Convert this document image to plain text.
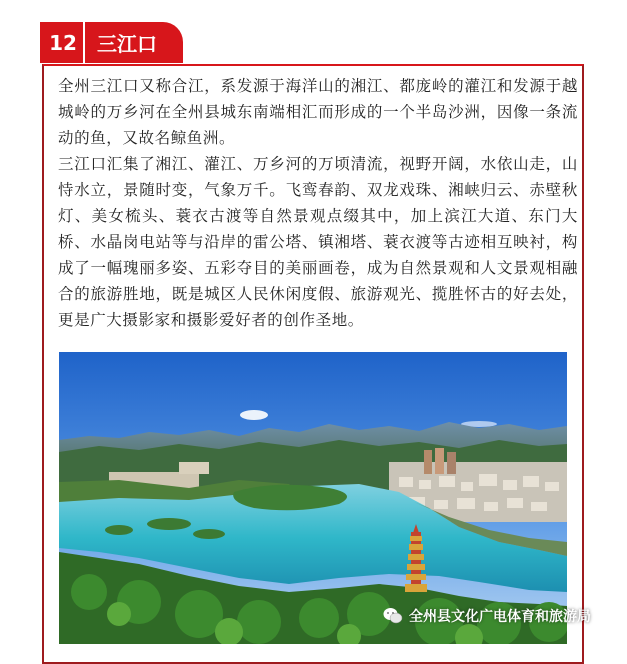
12	三江口

全州三江口又称合江，系发源于海洋山的湘江、都庞岭的灌江和发源于越城岭的万乡河在全州县城东南端相汇而形成的一个半岛沙洲，因像一条流动的鱼，又故名鲸鱼洲。

三江口汇集了湘江、灌江、万乡河的万顷清流，视野开阔，水依山走，山恃水立，景随时变，气象万千。飞鸾春韵、双龙戏珠、湘峡归云、赤壁秋灯、美女梳头、蓑衣古渡等自然景观点缀其中，加上滨江大道、东门大桥、水晶岗电站等与沿岸的雷公塔、镇湘塔、蓑衣渡等古迹相互映衬，构成了一幅瑰丽多姿、五彩夺目的美丽画卷，成为自然景观和人文景观相融合的旅游胜地，既是城区人民休闲度假、旅游观光、揽胜怀古的好去处，更是广大摄影家和摄影爱好者的创作圣地。

全州县文化广电体育和旅游局
